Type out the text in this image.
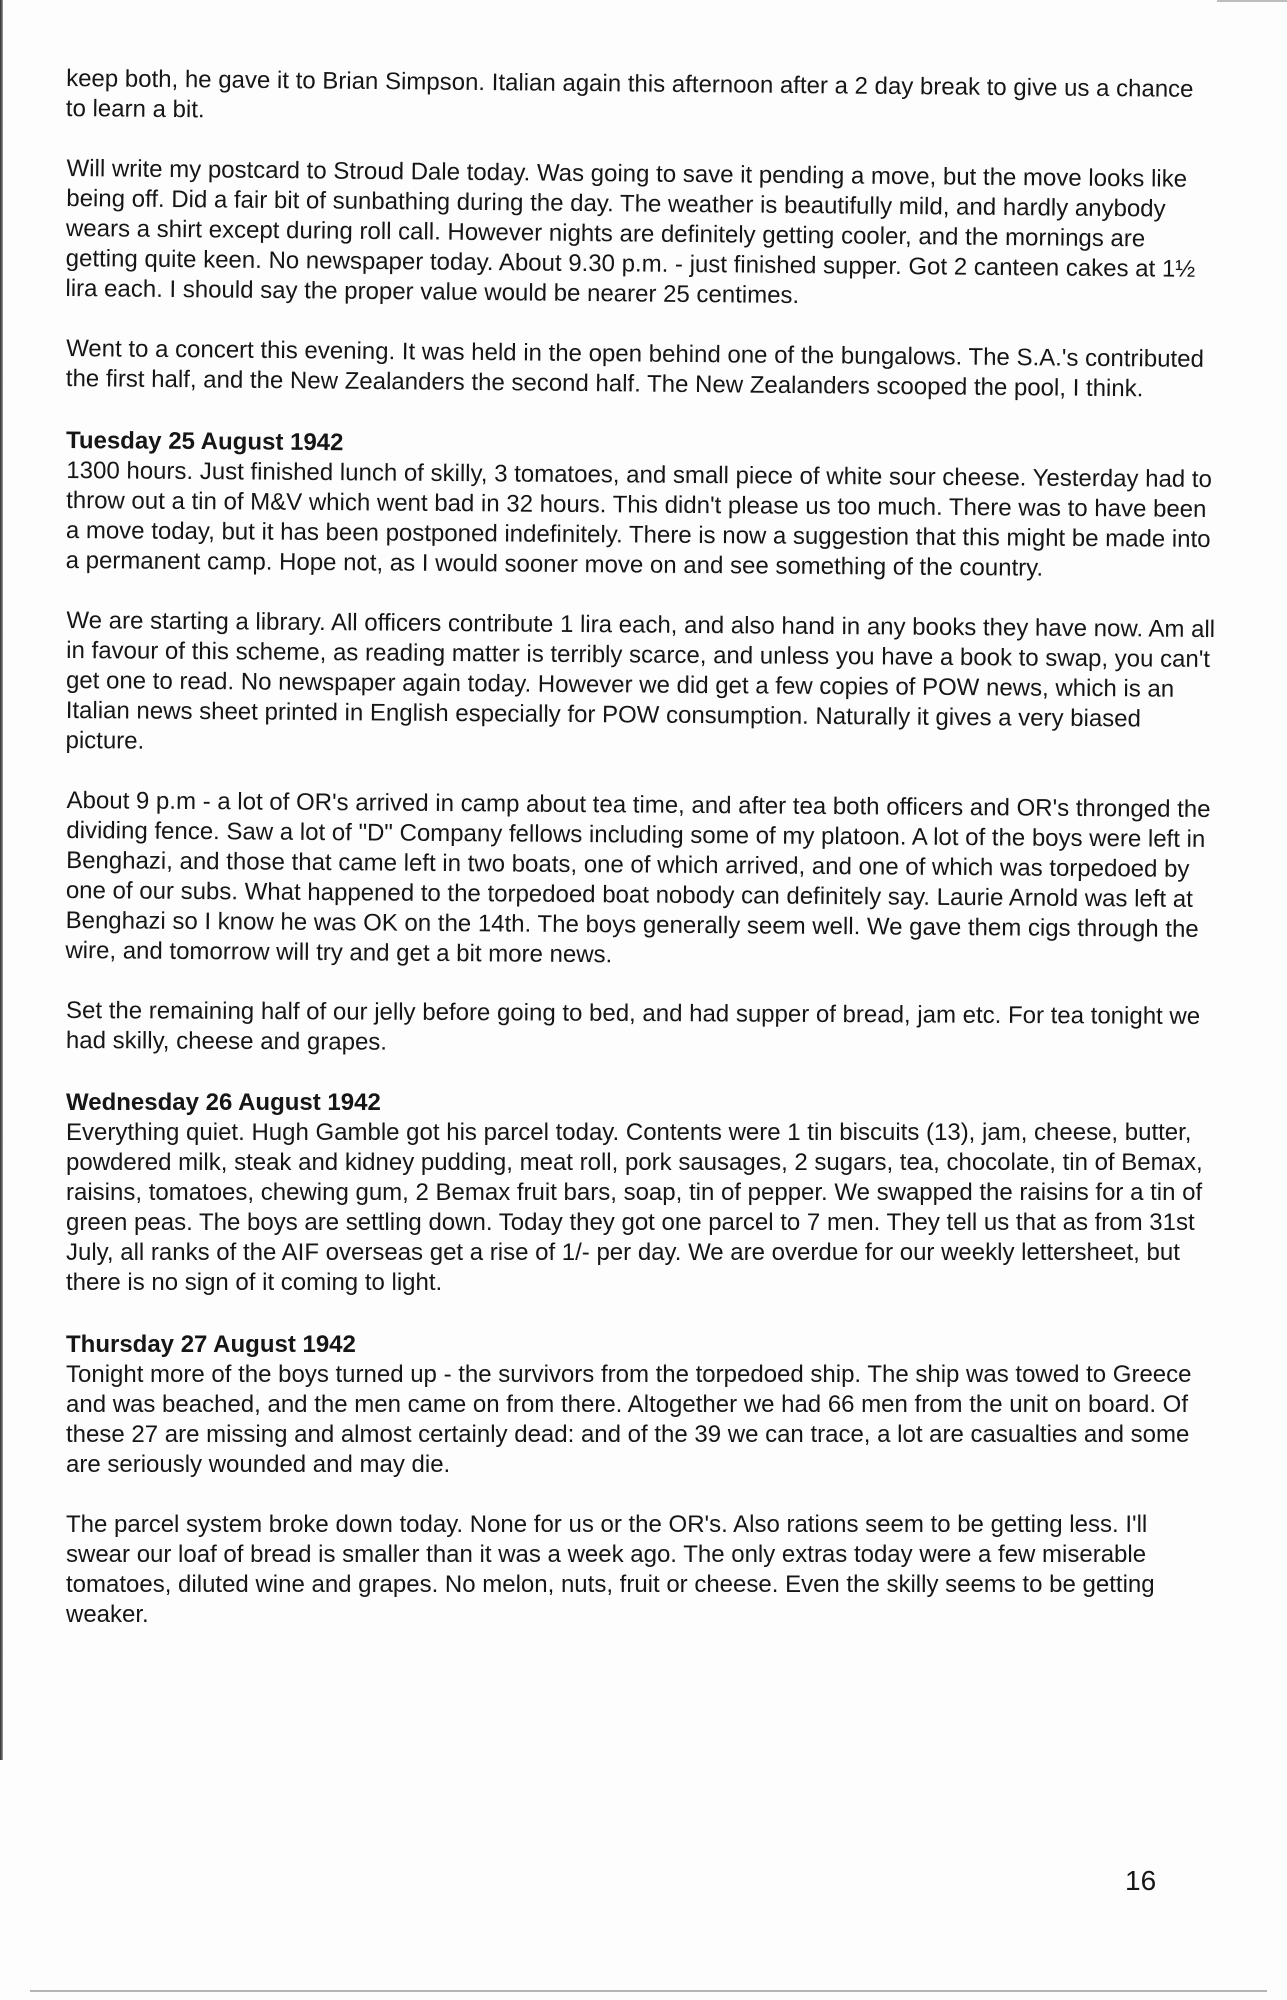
keep both, he gave it to Brian Simpson. Italian again this afternoon after a 2 day break to give us a chance to learn a bit.

Will write my postcard to Stroud Dale today. Was going to save it pending a move, but the move looks like being off. Did a fair bit of sunbathing during the day. The weather is beautifully mild, and hardly anybody wears a shirt except during roll call. However nights are definitely getting cooler, and the mornings are getting quite keen. No newspaper today. About 9.30 p.m. - just finished supper. Got 2 canteen cakes at 1½ lira each. I should say the proper value would be nearer 25 centimes.

Went to a concert this evening. It was held in the open behind one of the bungalows. The S.A.'s contributed the first half, and the New Zealanders the second half. The New Zealanders scooped the pool, I think.

Tuesday 25 August 1942

1300 hours. Just finished lunch of skilly, 3 tomatoes, and small piece of white sour cheese. Yesterday had to throw out a tin of M&V which went bad in 32 hours. This didn't please us too much. There was to have been a move today, but it has been postponed indefinitely. There is now a suggestion that this might be made into a permanent camp. Hope not, as I would sooner move on and see something of the country.

We are starting a library. All officers contribute 1 lira each, and also hand in any books they have now. Am all in favour of this scheme, as reading matter is terribly scarce, and unless you have a book to swap, you can't get one to read. No newspaper again today. However we did get a few copies of POW news, which is an Italian news sheet printed in English especially for POW consumption. Naturally it gives a very biased picture.

About 9 p.m - a lot of OR's arrived in camp about tea time, and after tea both officers and OR's thronged the dividing fence. Saw a lot of "D" Company fellows including some of my platoon. A lot of the boys were left in Benghazi, and those that came left in two boats, one of which arrived, and one of which was torpedoed by one of our subs. What happened to the torpedoed boat nobody can definitely say. Laurie Arnold was left at Benghazi so I know he was OK on the 14th. The boys generally seem well. We gave them cigs through the wire, and tomorrow will try and get a bit more news.

Set the remaining half of our jelly before going to bed, and had supper of bread, jam etc. For tea tonight we had skilly, cheese and grapes.

Wednesday 26 August 1942

Everything quiet. Hugh Gamble got his parcel today. Contents were 1 tin biscuits (13), jam, cheese, butter, powdered milk, steak and kidney pudding, meat roll, pork sausages, 2 sugars, tea, chocolate, tin of Bemax, raisins, tomatoes, chewing gum, 2 Bemax fruit bars, soap, tin of pepper. We swapped the raisins for a tin of green peas. The boys are settling down. Today they got one parcel to 7 men. They tell us that as from 31st July, all ranks of the AIF overseas get a rise of 1/- per day. We are overdue for our weekly lettersheet, but there is no sign of it coming to light.

Thursday 27 August 1942

Tonight more of the boys turned up - the survivors from the torpedoed ship. The ship was towed to Greece and was beached, and the men came on from there. Altogether we had 66 men from the unit on board. Of these 27 are missing and almost certainly dead: and of the 39 we can trace, a lot are casualties and some are seriously wounded and may die.

The parcel system broke down today. None for us or the OR's. Also rations seem to be getting less. I'll swear our loaf of bread is smaller than it was a week ago. The only extras today were a few miserable tomatoes, diluted wine and grapes. No melon, nuts, fruit or cheese. Even the skilly seems to be getting weaker.

16
